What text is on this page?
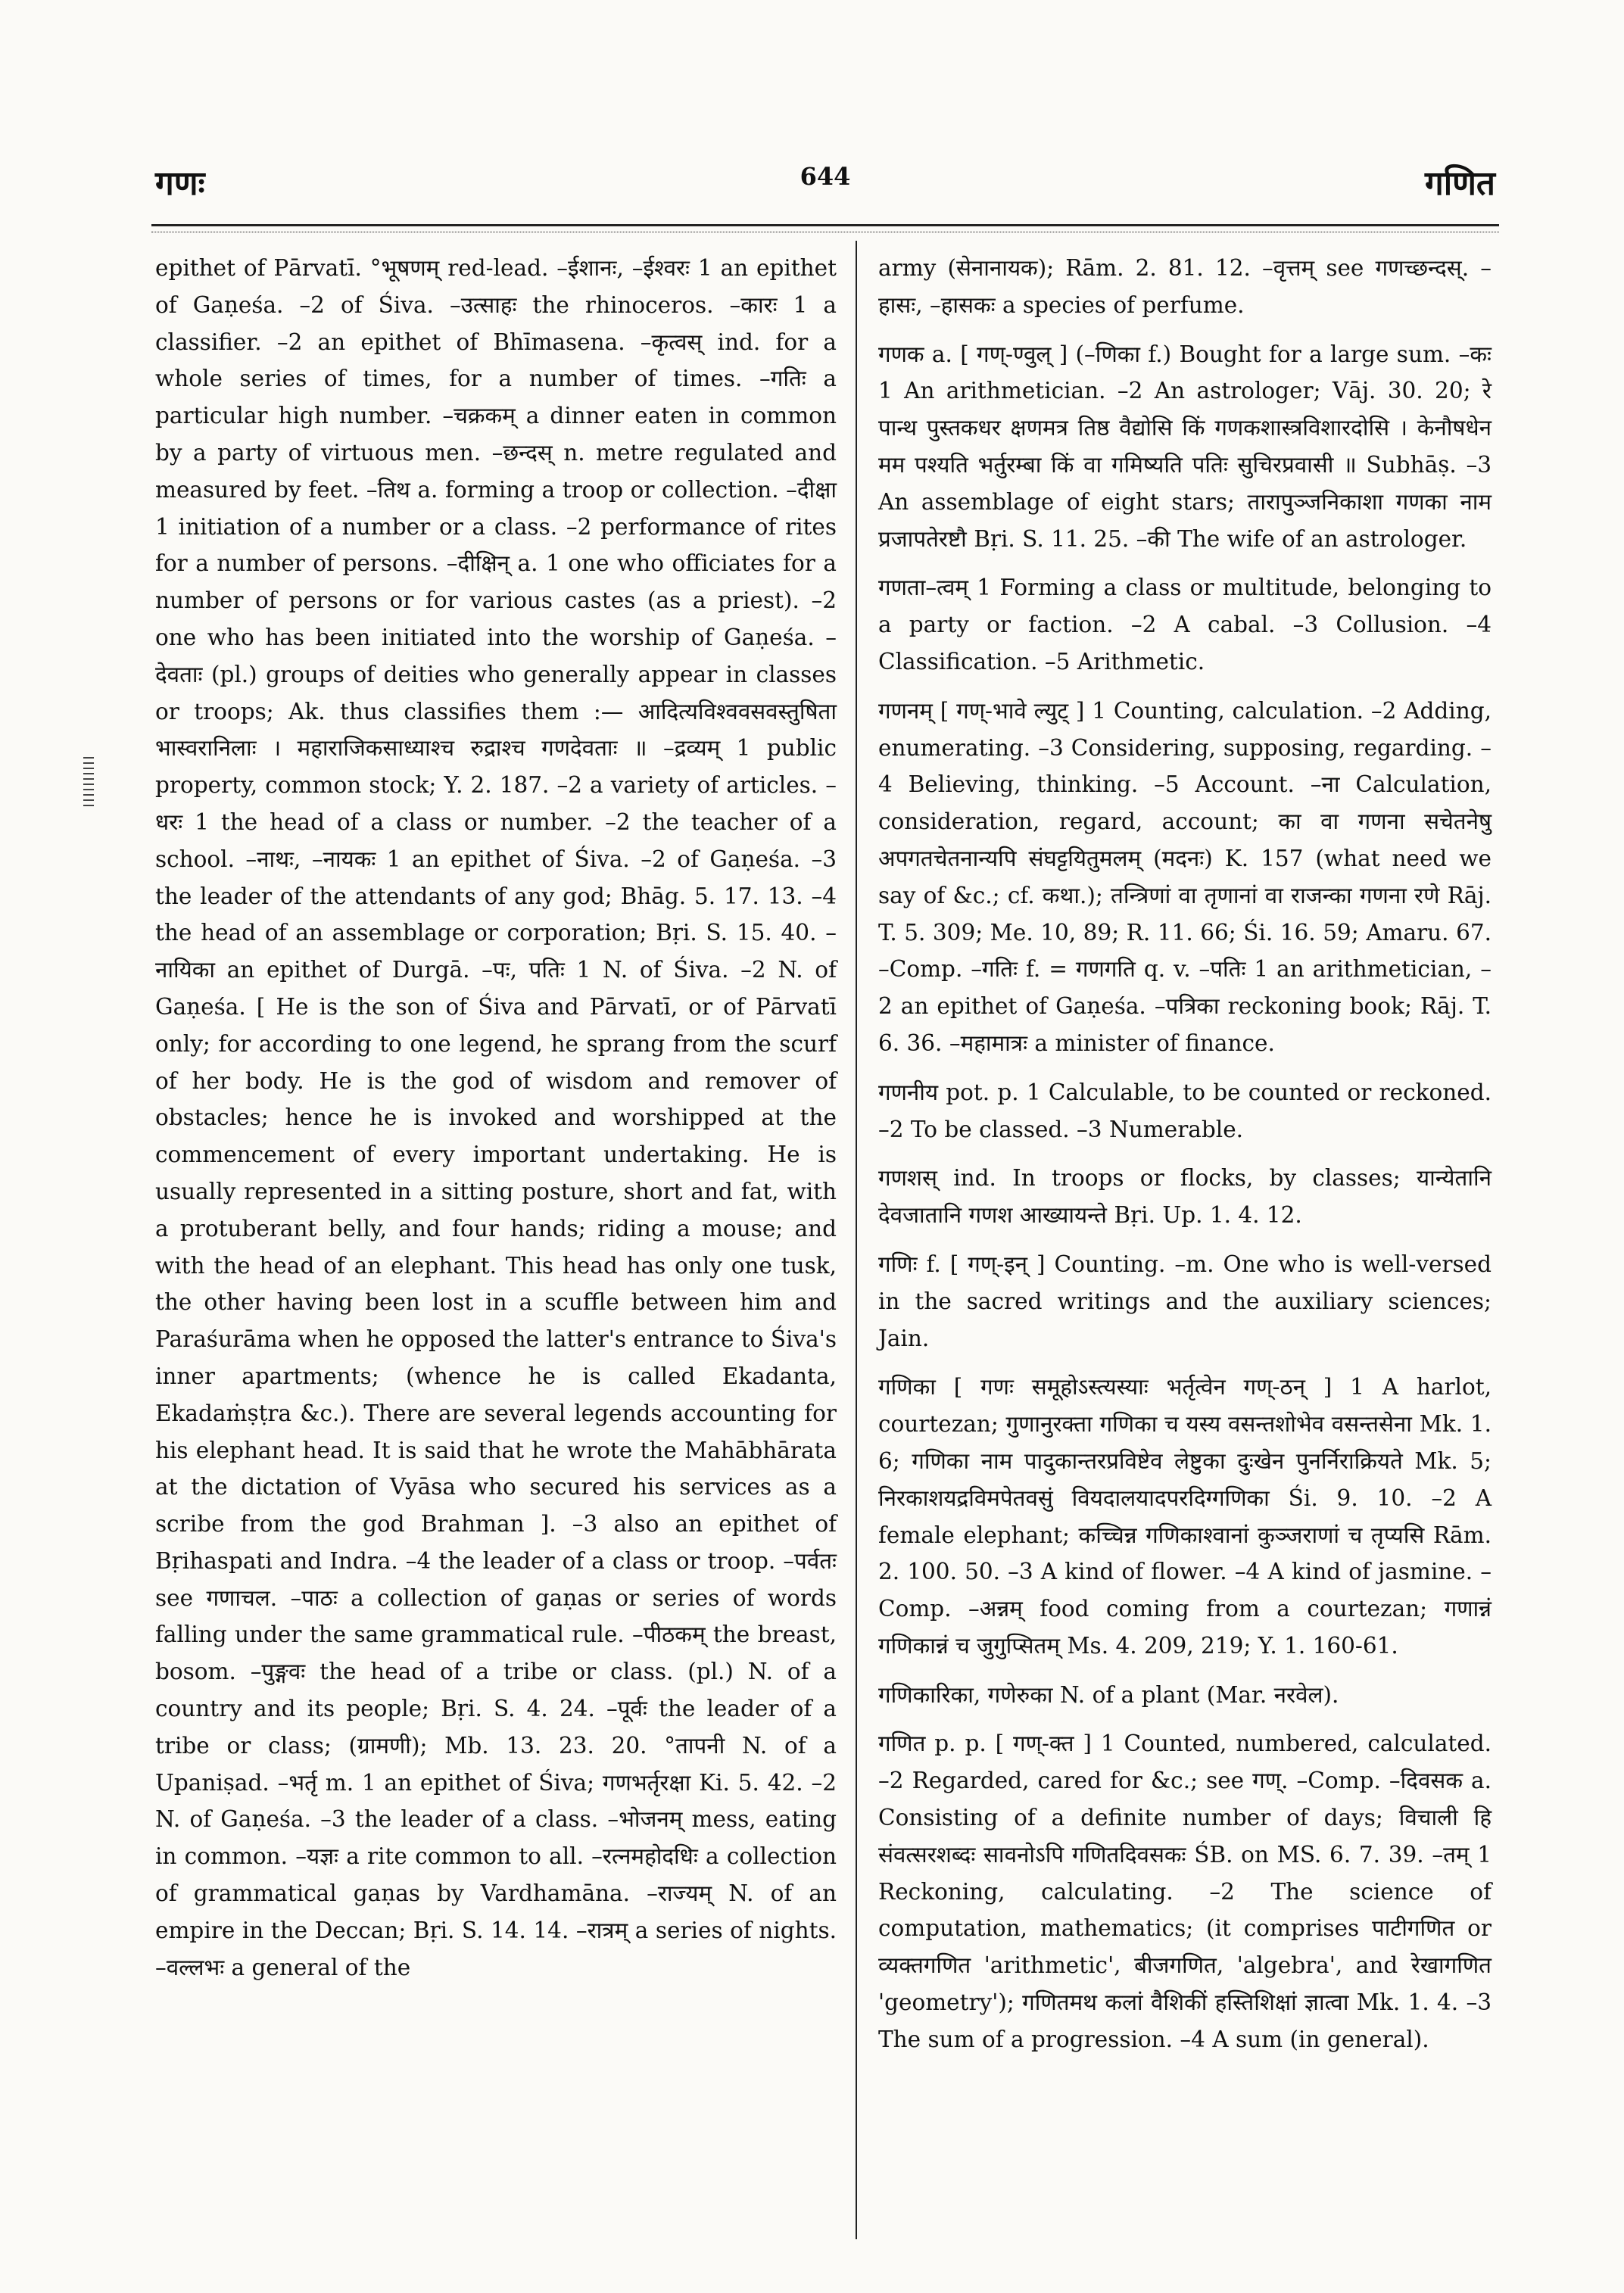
गणः	644	गणित

epithet of Pārvatī. °भूषणम् red-lead. –ईशानः, –ईश्वरः 1 an epithet of Gaṇeśa. –2 of Śiva. –उत्साहः the rhinoceros. –कारः 1 a classifier. –2 an epithet of Bhīmasena. –कृत्वस् ind. for a whole series of times, for a number of times. –गतिः a particular high number. –चक्रकम् a dinner eaten in common by a party of virtuous men. –छन्दस् n. metre regulated and measured by feet. –तिथ a. forming a troop or collection. –दीक्षा 1 initiation of a number or a class. –2 performance of rites for a number of persons. –दीक्षिन् a. 1 one who officiates for a number of persons or for various castes (as a priest). –2 one who has been initiated into the worship of Gaṇeśa. –देवताः (pl.) groups of deities who generally appear in classes or troops; Ak. thus classifies them :— आदित्यविश्ववसवस्तुषिता भास्वरानिलाः । महाराजिकसाध्याश्च रुद्राश्च गणदेवताः ॥ –द्रव्यम् 1 public property, common stock; Y. 2. 187. –2 a variety of articles. –धरः 1 the head of a class or number. –2 the teacher of a school. –नाथः, –नायकः 1 an epithet of Śiva. –2 of Gaṇeśa. –3 the leader of the attendants of any god; Bhāg. 5. 17. 13. –4 the head of an assemblage or corporation; Bṛi. S. 15. 40. –नायिका an epithet of Durgā. –पः, पतिः 1 N. of Śiva. –2 N. of Gaṇeśa. [ He is the son of Śiva and Pārvatī, or of Pārvatī only; for according to one legend, he sprang from the scurf of her body. He is the god of wisdom and remover of obstacles; hence he is invoked and worshipped at the commencement of every important undertaking. He is usually represented in a sitting posture, short and fat, with a protuberant belly, and four hands; riding a mouse; and with the head of an elephant. This head has only one tusk, the other having been lost in a scuffle between him and Paraśurāma when he opposed the latter's entrance to Śiva's inner apartments; (whence he is called Ekadanta, Ekadaṁṣṭra &c.). There are several legends accounting for his elephant head. It is said that he wrote the Mahābhārata at the dictation of Vyāsa who secured his services as a scribe from the god Brahman ]. –3 also an epithet of Bṛihaspati and Indra. –4 the leader of a class or troop. –पर्वतः see गणाचल. –पाठः a collection of gaṇas or series of words falling under the same grammatical rule. –पीठकम् the breast, bosom. –पुङ्गवः the head of a tribe or class. (pl.) N. of a country and its people; Bṛi. S. 4. 24. –पूर्वः the leader of a tribe or class; (ग्रामणी); Mb. 13. 23. 20. °तापनी N. of a Upaniṣad. –भर्तृ m. 1 an epithet of Śiva; गणभर्तृरक्षा Ki. 5. 42. –2 N. of Gaṇeśa. –3 the leader of a class. –भोजनम् mess, eating in common. –यज्ञः a rite common to all. –रत्नमहोदधिः a collection of grammatical gaṇas by Vardhamāna. –राज्यम् N. of an empire in the Deccan; Bṛi. S. 14. 14. –रात्रम् a series of nights. –वल्लभः a general of the

army (सेनानायक); Rām. 2. 81. 12. –वृत्तम् see गणच्छन्दस्. –हासः, –हासकः a species of perfume.

गणक a. [ गण्-ण्वुल् ] (–णिका f.) Bought for a large sum. –कः 1 An arithmetician. –2 An astrologer; Vāj. 30. 20; रे पान्थ पुस्तकधर क्षणमत्र तिष्ठ वैद्योसि किं गणकशास्त्रविशारदोसि । केनौषधेन मम पश्यति भर्तुरम्बा किं वा गमिष्यति पतिः सुचिरप्रवासी ॥ Subhāṣ. –3 An assemblage of eight stars; तारापुञ्जनिकाशा गणका नाम प्रजापतेरष्टौ Bṛi. S. 11. 25. –की The wife of an astrologer.

गणता–त्वम् 1 Forming a class or multitude, belonging to a party or faction. –2 A cabal. –3 Collusion. –4 Classification. –5 Arithmetic.

गणनम् [ गण्-भावे ल्युट् ] 1 Counting, calculation. –2 Adding, enumerating. –3 Considering, supposing, regarding. –4 Believing, thinking. –5 Account. –ना Calculation, consideration, regard, account; का वा गणना सचेतनेषु अपगतचेतनान्यपि संघट्टयितुमलम् (मदनः) K. 157 (what need we say of &c.; cf. कथा.); तन्त्रिणां वा तृणानां वा राजन्का गणना रणे Rāj. T. 5. 309; Me. 10, 89; R. 11. 66; Śi. 16. 59; Amaru. 67. –Comp. –गतिः f. = गणगति q. v. –पतिः 1 an arithmetician, –2 an epithet of Gaṇeśa. –पत्रिका reckoning book; Rāj. T. 6. 36. –महामात्रः a minister of finance.

गणनीय pot. p. 1 Calculable, to be counted or reckoned. –2 To be classed. –3 Numerable.

गणशस् ind. In troops or flocks, by classes; यान्येतानि देवजातानि गणश आख्यायन्ते Bṛi. Up. 1. 4. 12.

गणिः f. [ गण्-इन् ] Counting. –m. One who is well-versed in the sacred writings and the auxiliary sciences; Jain.

गणिका [ गणः समूहोऽस्त्यस्याः भर्तृत्वेन गण्-ठन् ] 1 A harlot, courtezan; गुणानुरक्ता गणिका च यस्य वसन्तशोभेव वसन्तसेना Mk. 1. 6; गणिका नाम पादुकान्तरप्रविष्टेव लेष्टुका दुःखेन पुनर्निराक्रियते Mk. 5; निरकाशयद्रविमपेतवसुं वियदालयादपरदिग्गणिका Śi. 9. 10. –2 A female elephant; कच्चिन्न गणिकाश्वानां कुञ्जराणां च तृप्यसि Rām. 2. 100. 50. –3 A kind of flower. –4 A kind of jasmine. –Comp. –अन्नम् food coming from a courtezan; गणान्नं गणिकान्नं च जुगुप्सितम् Ms. 4. 209, 219; Y. 1. 160-61.

गणिकारिका, गणेरुका N. of a plant (Mar. नरवेल).

गणित p. p. [ गण्-क्त ] 1 Counted, numbered, calculated. –2 Regarded, cared for &c.; see गण्. –Comp. –दिवसक a. Consisting of a definite number of days; विचाली हि संवत्सरशब्दः सावनोऽपि गणितदिवसकः ŚB. on MS. 6. 7. 39. –तम् 1 Reckoning, calculating. –2 The science of computation, mathematics; (it comprises पाटीगणित or व्यक्तगणित 'arithmetic', बीजगणित, 'algebra', and रेखागणित 'geometry'); गणितमथ कलां वैशिकीं हस्तिशिक्षां ज्ञात्वा Mk. 1. 4. –3 The sum of a progression. –4 A sum (in general).
